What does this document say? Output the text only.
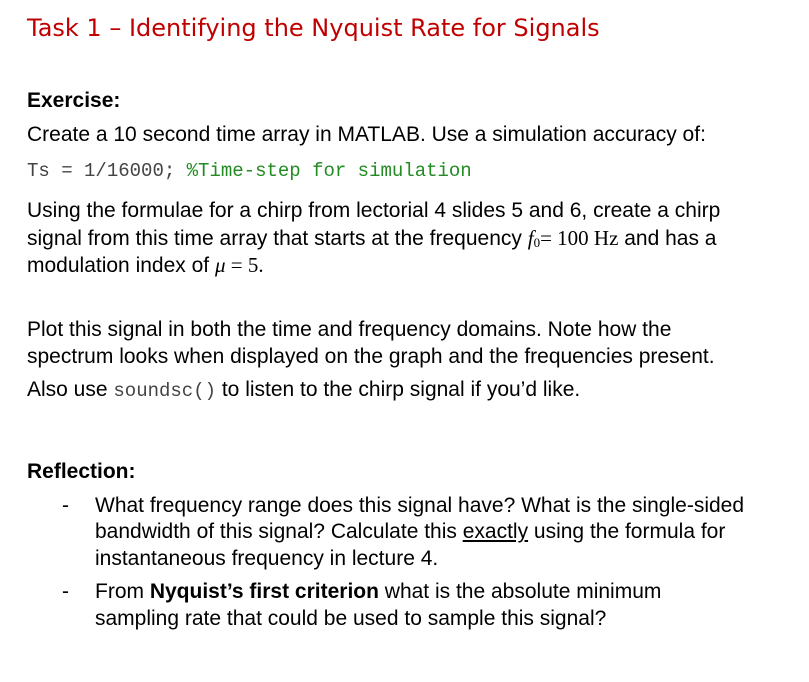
Task 1 – Identifying the Nyquist Rate for Signals
Exercise:
Create a 10 second time array in MATLAB. Use a simulation accuracy of:
Ts = 1/16000; %Time-step for simulation
Using the formulae for a chirp from lectorial 4 slides 5 and 6, create a chirp
signal from this time array that starts at the frequency $f_0= 100$ Hz and has a
modulation index of μ = 5.
Plot this signal in both the time and frequency domains. Note how the
spectrum looks when displayed on the graph and the frequencies present.
Also use soundsc() to listen to the chirp signal if you’d like.
Reflection:
- What frequency range does this signal have? What is the single-sided
bandwidth of this signal? Calculate this exactly using the formula for
instantaneous frequency in lecture 4.
- From Nyquist’s first criterion what is the absolute minimum
sampling rate that could be used to sample this signal?
